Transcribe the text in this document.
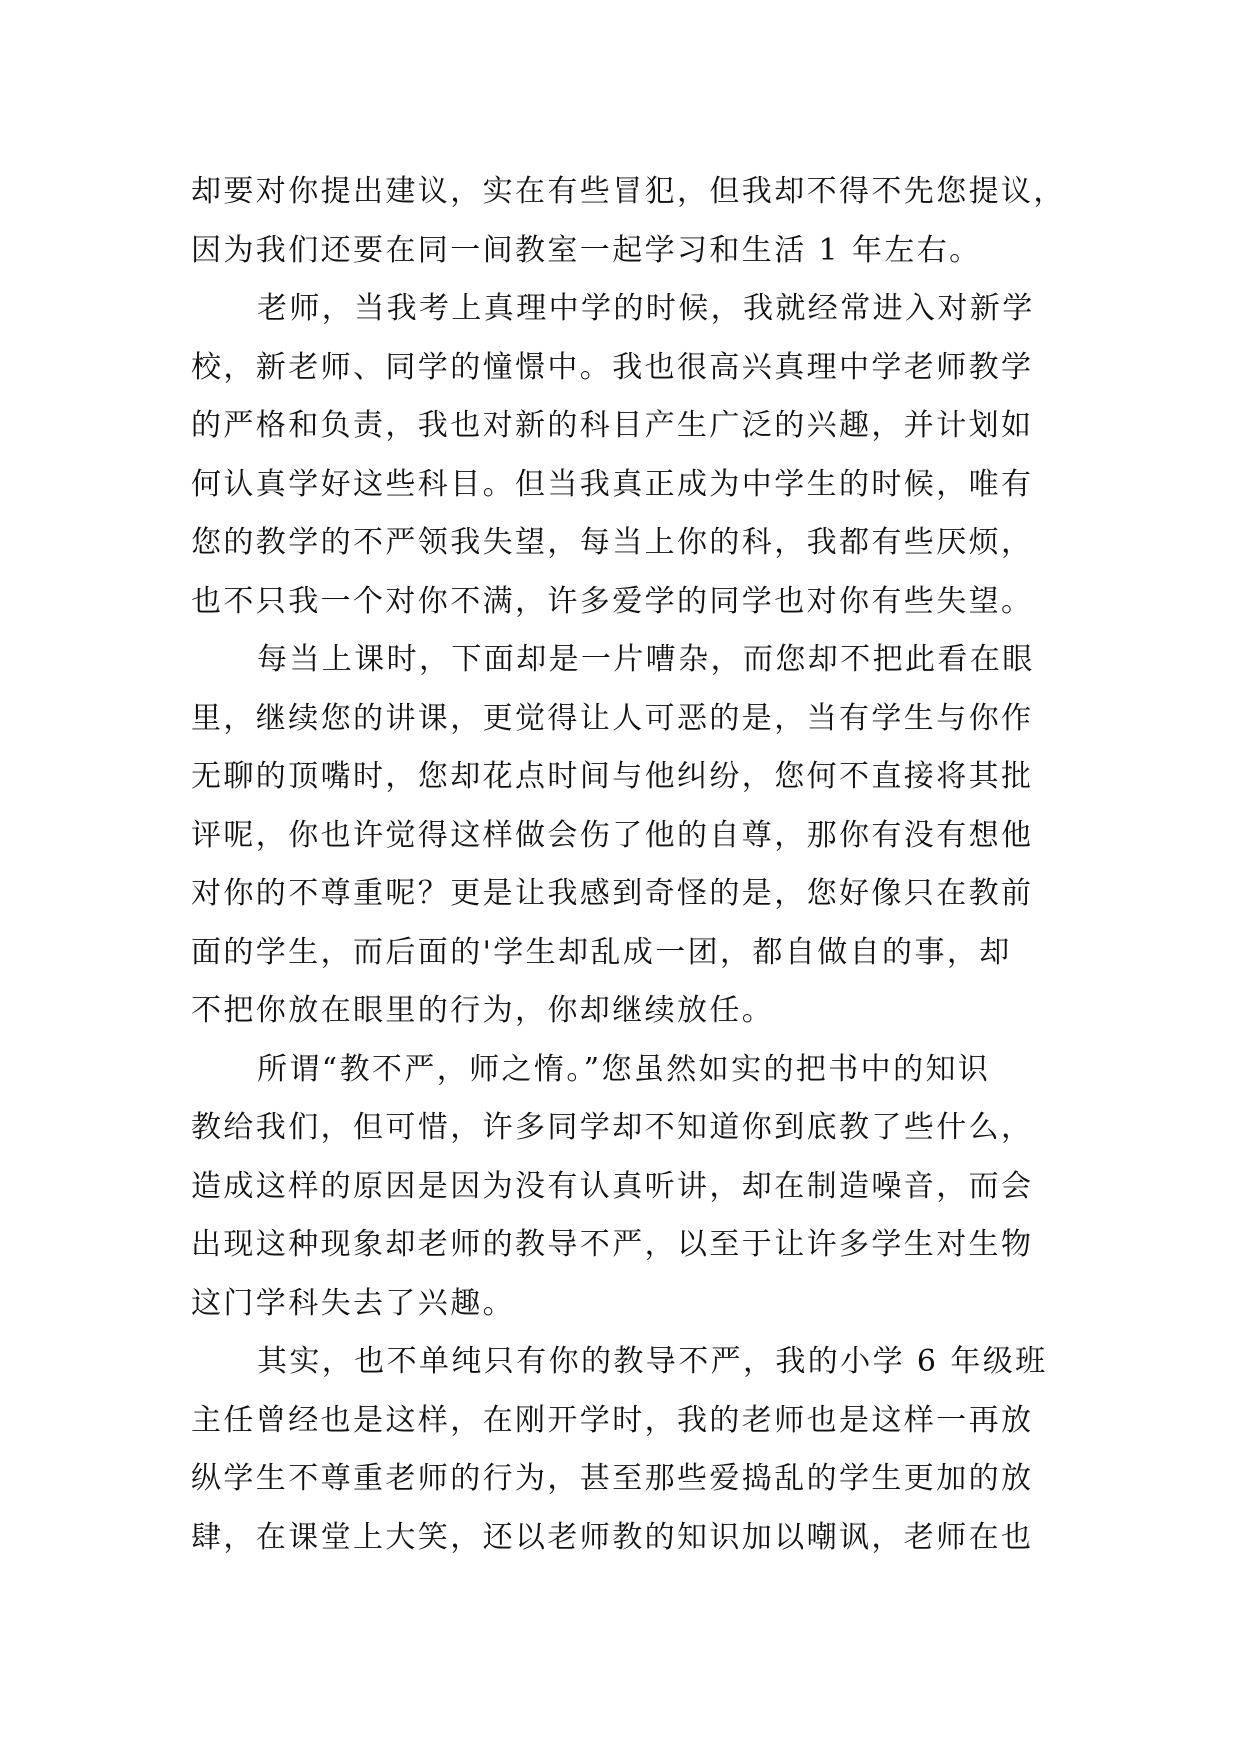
却要对你提出建议，实在有些冒犯，但我却不得不先您提议，
因为我们还要在同一间教室一起学习和生活 1 年左右。
老师，当我考上真理中学的时候，我就经常进入对新学
校，新老师、同学的憧憬中。我也很高兴真理中学老师教学
的严格和负责，我也对新的科目产生广泛的兴趣，并计划如
何认真学好这些科目。但当我真正成为中学生的时候，唯有
您的教学的不严领我失望，每当上你的科，我都有些厌烦，
也不只我一个对你不满，许多爱学的同学也对你有些失望。
每当上课时，下面却是一片嘈杂，而您却不把此看在眼
里，继续您的讲课，更觉得让人可恶的是，当有学生与你作
无聊的顶嘴时，您却花点时间与他纠纷，您何不直接将其批
评呢，你也许觉得这样做会伤了他的自尊，那你有没有想他
对你的不尊重呢？更是让我感到奇怪的是，您好像只在教前
面的学生，而后面的'学生却乱成一团，都自做自的事，却
不把你放在眼里的行为，你却继续放任。
所谓“教不严，师之惰。”您虽然如实的把书中的知识
教给我们，但可惜，许多同学却不知道你到底教了些什么，
造成这样的原因是因为没有认真听讲，却在制造噪音，而会
出现这种现象却老师的教导不严，以至于让许多学生对生物
这门学科失去了兴趣。
其实，也不单纯只有你的教导不严，我的小学 6 年级班
主任曾经也是这样，在刚开学时，我的老师也是这样一再放
纵学生不尊重老师的行为，甚至那些爱捣乱的学生更加的放
肆，在课堂上大笑，还以老师教的知识加以嘲讽，老师在也
